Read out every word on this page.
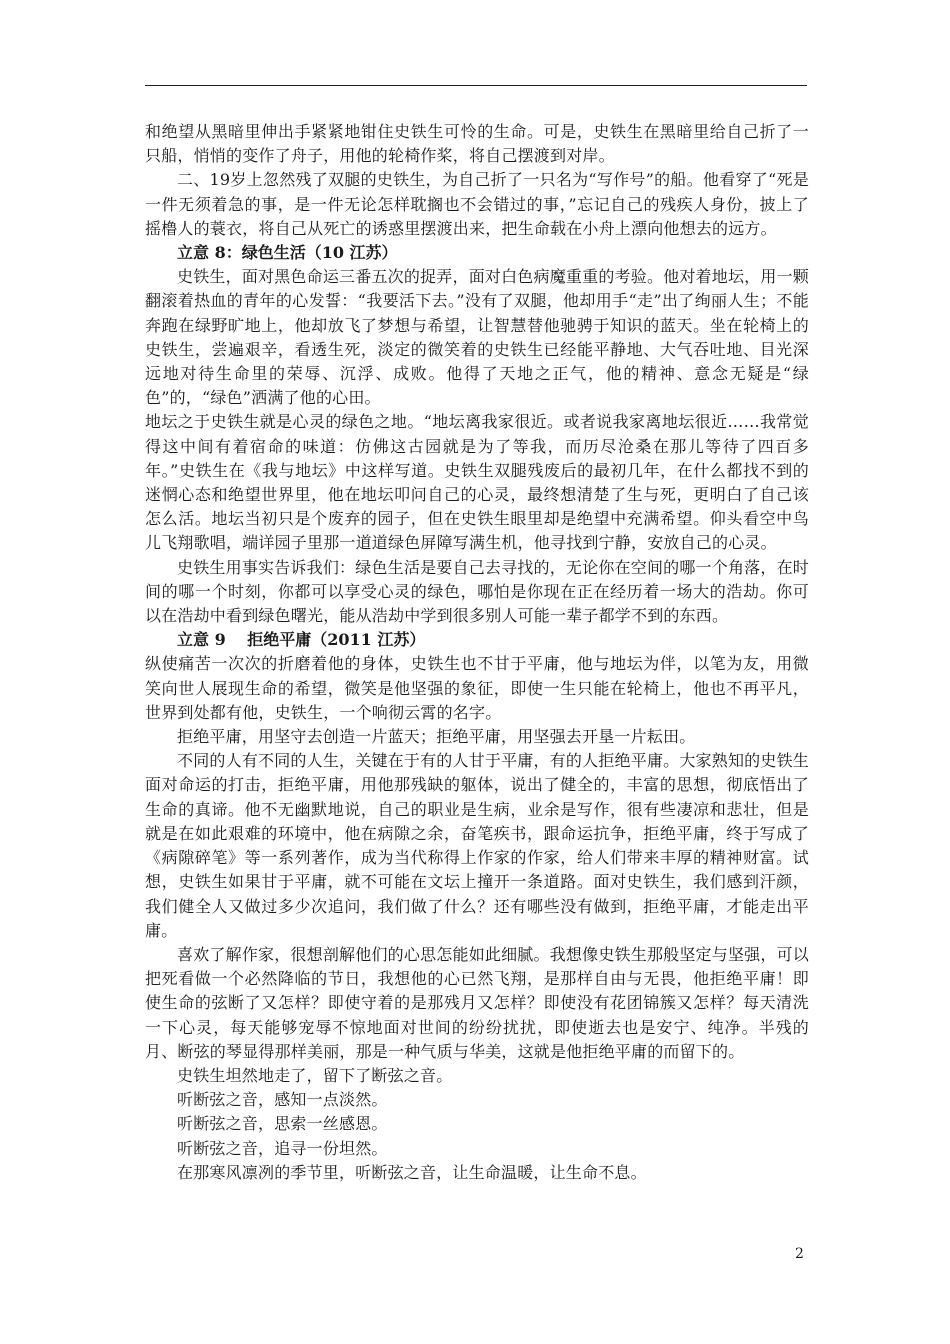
和绝望从黑暗里伸出手紧紧地钳住史铁生可怜的生命。可是，史铁生在黑暗里给自己折了一只船，悄悄的变作了舟子，用他的轮椅作桨，将自己摆渡到对岸。

二、19岁上忽然残了双腿的史铁生，为自己折了一只名为“写作号”的船。他看穿了“死是一件无须着急的事，是一件无论怎样耽搁也不会错过的事，”忘记自己的残疾人身份，披上了摇橹人的蓑衣，将自己从死亡的诱惑里摆渡出来，把生命载在小舟上漂向他想去的远方。

立意 8：绿色生活（10 江苏）

史铁生，面对黑色命运三番五次的捉弄，面对白色病魔重重的考验。他对着地坛，用一颗翻滚着热血的青年的心发誓：“我要活下去。”没有了双腿，他却用手“走”出了绚丽人生；不能奔跑在绿野旷地上，他却放飞了梦想与希望，让智慧替他驰骋于知识的蓝天。坐在轮椅上的史铁生，尝遍艰辛，看透生死，淡定的微笑着的史铁生已经能平静地、大气吞吐地、目光深远地对待生命里的荣辱、沉浮、成败。他得了天地之正气，他的精神、意念无疑是“绿色”的，“绿色”洒满了他的心田。

地坛之于史铁生就是心灵的绿色之地。“地坛离我家很近。或者说我家离地坛很近……我常觉得这中间有着宿命的味道：仿佛这古园就是为了等我，而历尽沧桑在那儿等待了四百多年。”史铁生在《我与地坛》中这样写道。史铁生双腿残废后的最初几年，在什么都找不到的迷惘心态和绝望世界里，他在地坛叩问自己的心灵，最终想清楚了生与死，更明白了自己该怎么活。地坛当初只是个废弃的园子，但在史铁生眼里却是绝望中充满希望。仰头看空中鸟儿飞翔歌唱，端详园子里那一道道绿色屏障写满生机，他寻找到宁静，安放自己的心灵。

史铁生用事实告诉我们：绿色生活是要自己去寻找的，无论你在空间的哪一个角落，在时间的哪一个时刻，你都可以享受心灵的绿色，哪怕是你现在正在经历着一场大的浩劫。你可以在浩劫中看到绿色曙光，能从浩劫中学到很多别人可能一辈子都学不到的东西。

立意 9　 拒绝平庸（2011 江苏）

纵使痛苦一次次的折磨着他的身体，史铁生也不甘于平庸，他与地坛为伴，以笔为友，用微笑向世人展现生命的希望，微笑是他坚强的象征，即使一生只能在轮椅上，他也不再平凡，世界到处都有他，史铁生，一个响彻云霄的名字。

拒绝平庸，用坚守去创造一片蓝天；拒绝平庸，用坚强去开垦一片耘田。

不同的人有不同的人生，关键在于有的人甘于平庸，有的人拒绝平庸。大家熟知的史铁生面对命运的打击，拒绝平庸，用他那残缺的躯体，说出了健全的，丰富的思想，彻底悟出了生命的真谛。他不无幽默地说，自己的职业是生病，业余是写作，很有些凄凉和悲壮，但是就是在如此艰难的环境中，他在病隙之余，奋笔疾书，跟命运抗争，拒绝平庸，终于写成了《病隙碎笔》等一系列著作，成为当代称得上作家的作家，给人们带来丰厚的精神财富。试想，史铁生如果甘于平庸，就不可能在文坛上撞开一条道路。面对史铁生，我们感到汗颜，我们健全人又做过多少次追问，我们做了什么？还有哪些没有做到，拒绝平庸，才能走出平庸。

喜欢了解作家，很想剖解他们的心思怎能如此细腻。我想像史铁生那般坚定与坚强，可以把死看做一个必然降临的节日，我想他的心已然飞翔，是那样自由与无畏，他拒绝平庸！即使生命的弦断了又怎样？即使守着的是那残月又怎样？即使没有花团锦簇又怎样？每天清洗一下心灵，每天能够宠辱不惊地面对世间的纷纷扰扰，即使逝去也是安宁、纯净。半残的月、断弦的琴显得那样美丽，那是一种气质与华美，这就是他拒绝平庸的而留下的。

史铁生坦然地走了，留下了断弦之音。

听断弦之音，感知一点淡然。

听断弦之音，思索一丝感恩。

听断弦之音，追寻一份坦然。

在那寒风凛冽的季节里，听断弦之音，让生命温暖，让生命不息。

2
